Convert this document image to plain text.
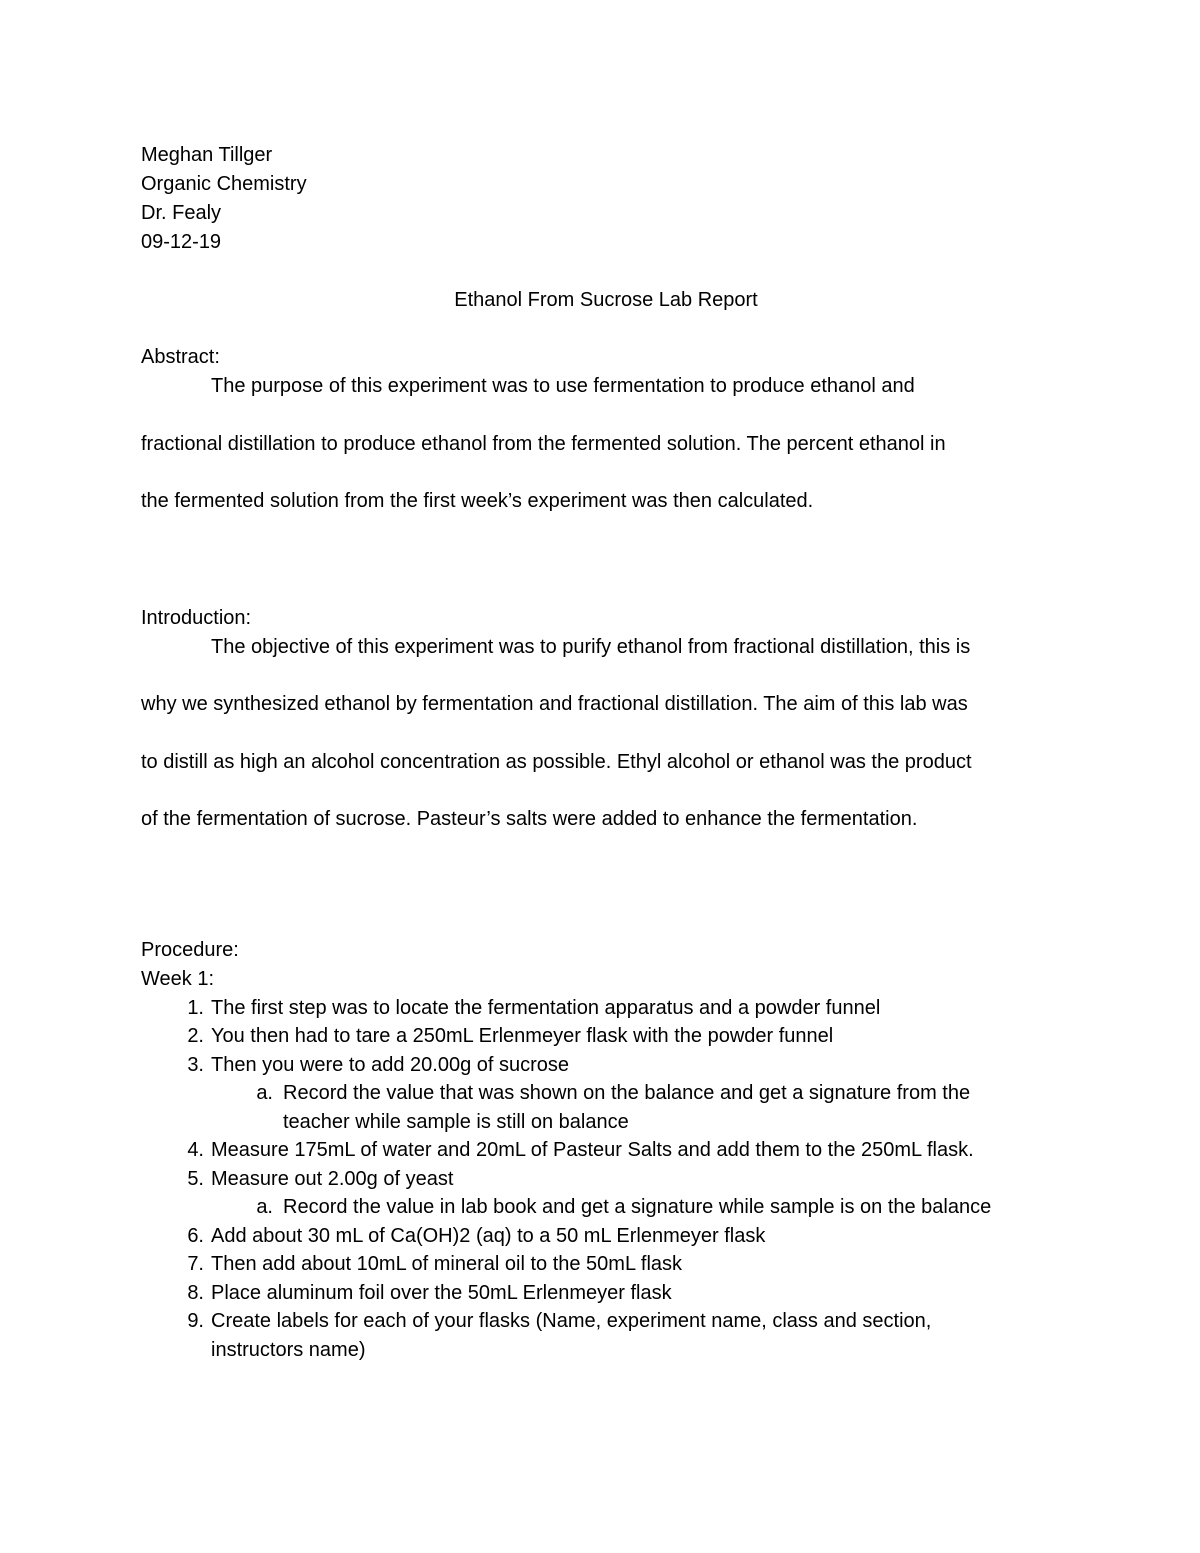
Meghan Tillger
Organic Chemistry
Dr. Fealy
09-12-19
Ethanol From Sucrose Lab Report
Abstract:

The purpose of this experiment was to use fermentation to produce ethanol and
fractional distillation to produce ethanol from the fermented solution. The percent ethanol in
the fermented solution from the first week’s experiment was then calculated.

Introduction:

The objective of this experiment was to purify ethanol from fractional distillation, this is
why we synthesized ethanol by fermentation and fractional distillation. The aim of this lab was
to distill as high an alcohol concentration as possible. Ethyl alcohol or ethanol was the product
of the fermentation of sucrose. Pasteur’s salts were added to enhance the fermentation.

Procedure:
Week 1:
1. The first step was to locate the fermentation apparatus and a powder funnel
2. You then had to tare a 250mL Erlenmeyer flask with the powder funnel
3. Then you were to add 20.00g of sucrose
a. Record the value that was shown on the balance and get a signature from the
teacher while sample is still on balance
4. Measure 175mL of water and 20mL of Pasteur Salts and add them to the 250mL flask.
5. Measure out 2.00g of yeast
a. Record the value in lab book and get a signature while sample is on the balance
6. Add about 30 mL of Ca(OH)2 (aq) to a 50 mL Erlenmeyer flask
7. Then add about 10mL of mineral oil to the 50mL flask
8. Place aluminum foil over the 50mL Erlenmeyer flask
9. Create labels for each of your flasks (Name, experiment name, class and section,
instructors name)
